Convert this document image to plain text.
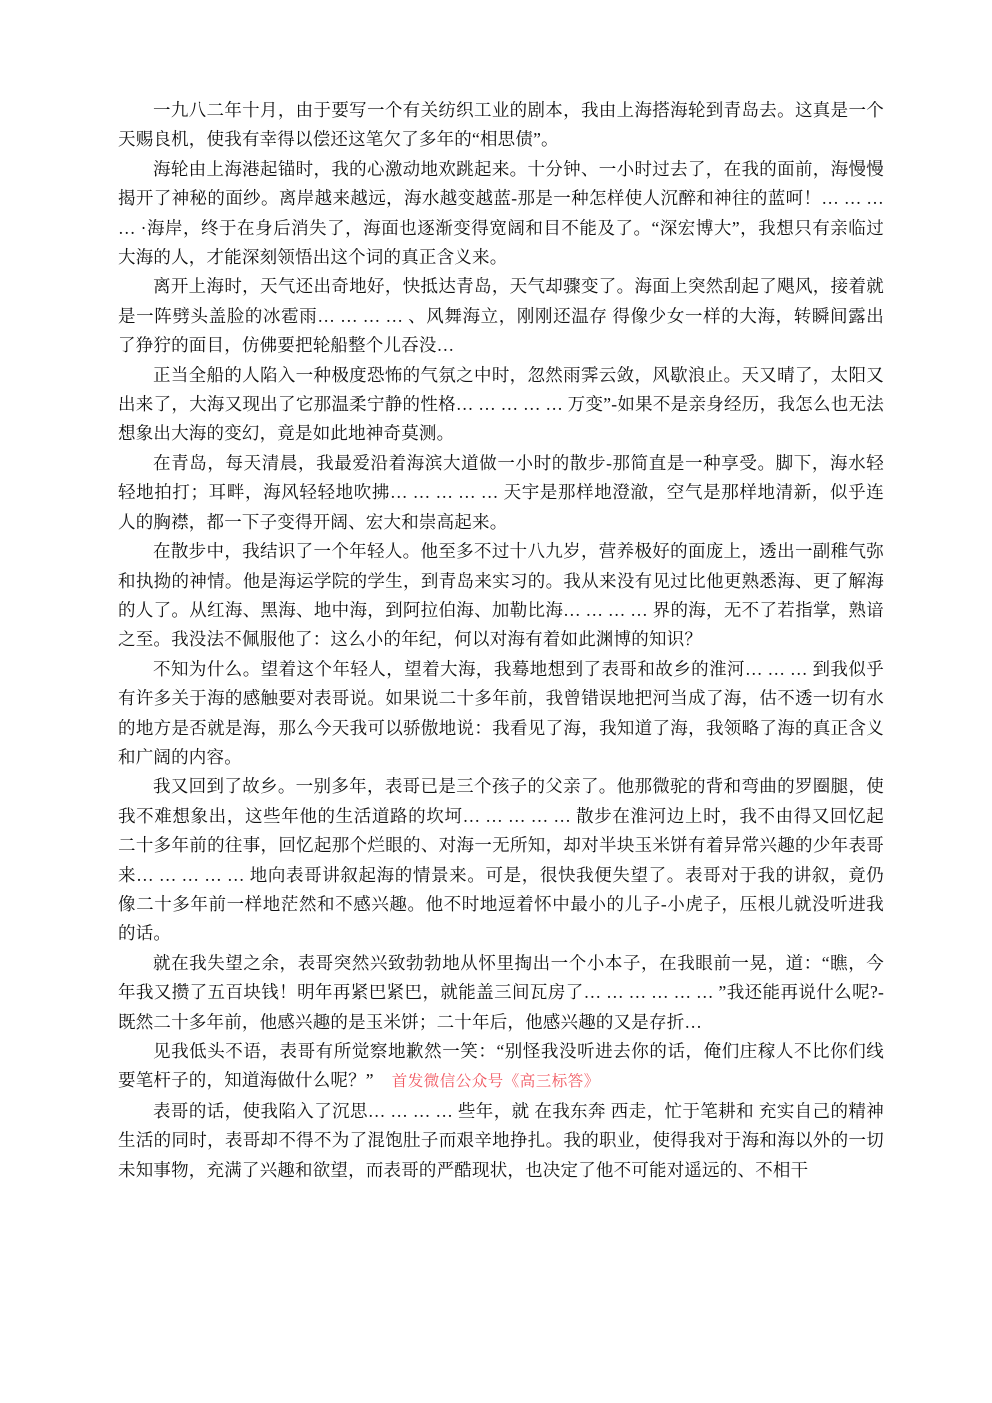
一九八二年十月，由于要写一个有关纺织工业的剧本，我由上海搭海轮到青岛去。这真是一个天赐良机，使我有幸得以偿还这笔欠了多年的“相思债”。

海轮由上海港起锚时，我的心激动地欢跳起来。十分钟、一小时过去了，在我的面前，海慢慢揭开了神秘的面纱。离岸越来越远，海水越变越蓝-那是一种怎样使人沉醉和神往的蓝呵！… … … … ·海岸，终于在身后消失了，海面也逐渐变得宽阔和目不能及了。“深宏博大”，我想只有亲临过大海的人，才能深刻领悟出这个词的真正含义来。

离开上海时，天气还出奇地好，快抵达青岛，天气却骤变了。海面上突然刮起了飓风，接着就是一阵劈头盖脸的冰雹雨… … … … 、风舞海立，刚刚还温存 得像少女一样的大海，转瞬间露出了狰狞的面目，仿佛要把轮船整个儿吞没…

正当全船的人陷入一种极度恐怖的气氛之中时，忽然雨霁云敛，风歇浪止。天又晴了，太阳又出来了，大海又现出了它那温柔宁静的性格… … … … … 万变”-如果不是亲身经历，我怎么也无法想象出大海的变幻，竟是如此地神奇莫测。

在青岛，每天清晨，我最爱沿着海滨大道做一小时的散步-那简直是一种享受。脚下，海水轻轻地拍打；耳畔，海风轻轻地吹拂… … … … … 天宇是那样地澄澈，空气是那样地清新，似乎连人的胸襟，都一下子变得开阔、宏大和崇高起来。

在散步中，我结识了一个年轻人。他至多不过十八九岁，营养极好的面庞上，透出一副稚气弥和执拗的神情。他是海运学院的学生，到青岛来实习的。我从来没有见过比他更熟悉海、更了解海的人了。从红海、黑海、地中海，到阿拉伯海、加勒比海… … … … 界的海，无不了若指掌，熟谙之至。我没法不佩服他了：这么小的年纪，何以对海有着如此渊博的知识？

不知为什么。望着这个年轻人，望着大海，我蓦地想到了表哥和故乡的淮河… … … 到我似乎有许多关于海的感触要对表哥说。如果说二十多年前，我曾错误地把河当成了海，估不透一切有水的地方是否就是海，那么今天我可以骄傲地说：我看见了海，我知道了海，我领略了海的真正含义和广阔的内容。

我又回到了故乡。一别多年，表哥已是三个孩子的父亲了。他那微驼的背和弯曲的罗圈腿，使我不难想象出，这些年他的生活道路的坎坷… … … … … 散步在淮河边上时，我不由得又回忆起二十多年前的往事，回忆起那个烂眼的、对海一无所知，却对半块玉米饼有着异常兴趣的少年表哥来… … … … … 地向表哥讲叙起海的情景来。可是，很快我便失望了。表哥对于我的讲叙，竟仍像二十多年前一样地茫然和不感兴趣。他不时地逗着怀中最小的儿子-小虎子，压根儿就没听进我的话。

就在我失望之余，表哥突然兴致勃勃地从怀里掏出一个小本子，在我眼前一晃，道：“瞧，今年我又攒了五百块钱！明年再紧巴紧巴，就能盖三间瓦房了… … … … … … ”我还能再说什么呢?-既然二十多年前，他感兴趣的是玉米饼；二十年后，他感兴趣的又是存折…

见我低头不语，表哥有所觉察地歉然一笑：“别怪我没听进去你的话，俺们庄稼人不比你们线要笔杆子的，知道海做什么呢？” 首发微信公众号《高三标答》

表哥的话，使我陷入了沉思… … … … 些年，就 在我东奔 西走，忙于笔耕和 充实自己的精神生活的同时，表哥却不得不为了混饱肚子而艰辛地挣扎。我的职业，使得我对于海和海以外的一切未知事物，充满了兴趣和欲望，而表哥的严酷现状，也决定了他不可能对遥远的、不相干
